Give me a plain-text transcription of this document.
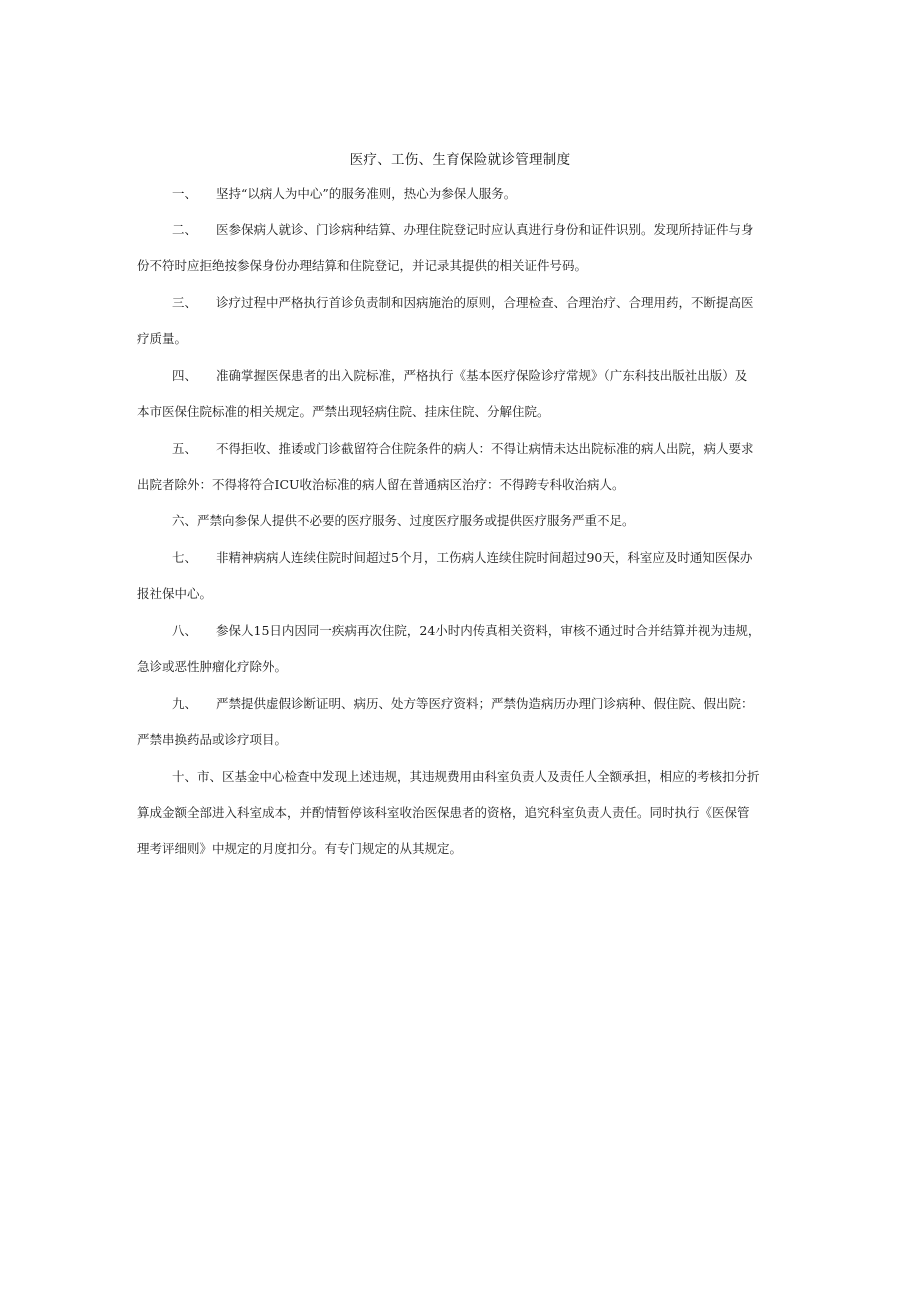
医疗、工伤、生育保险就诊管理制度
一、 坚持“以病人为中心”的服务准则，热心为参保人服务。
二、 医参保病人就诊、门诊病种结算、办理住院登记时应认真进行身份和证件识别。发现所持证件与身
份不符时应拒绝按参保身份办理结算和住院登记，并记录其提供的相关证件号码。
三、 诊疗过程中严格执行首诊负责制和因病施治的原则，合理检查、合理治疗、合理用药，不断提高医
疗质量。
四、 准确掌握医保患者的出入院标准，严格执行《基本医疗保险诊疗常规》（广东科技出版社出版）及
本市医保住院标准的相关规定。严禁出现轻病住院、挂床住院、分解住院。
五、 不得拒收、推诿或门诊截留符合住院条件的病人：不得让病情未达出院标准的病人出院，病人要求
出院者除外：不得将符合ICU收治标准的病人留在普通病区治疗：不得跨专科收治病人。
六、严禁向参保人提供不必要的医疗服务、过度医疗服务或提供医疗服务严重不足。
七、 非精神病病人连续住院时间超过5个月，工伤病人连续住院时间超过90天，科室应及时通知医保办
报社保中心。
八、 参保人15日内因同一疾病再次住院，24小时内传真相关资料，审核不通过时合并结算并视为违规，
急诊或恶性肿瘤化疗除外。
九、 严禁提供虚假诊断证明、病历、处方等医疗资料；严禁伪造病历办理门诊病种、假住院、假出院：
严禁串换药品或诊疗项目。
十、市、区基金中心检查中发现上述违规，其违规费用由科室负责人及责任人全额承担，相应的考核扣分折
算成金额全部进入科室成本，并酌情暂停该科室收治医保患者的资格，追究科室负责人责任。同时执行《医保管
理考评细则》中规定的月度扣分。有专门规定的从其规定。
